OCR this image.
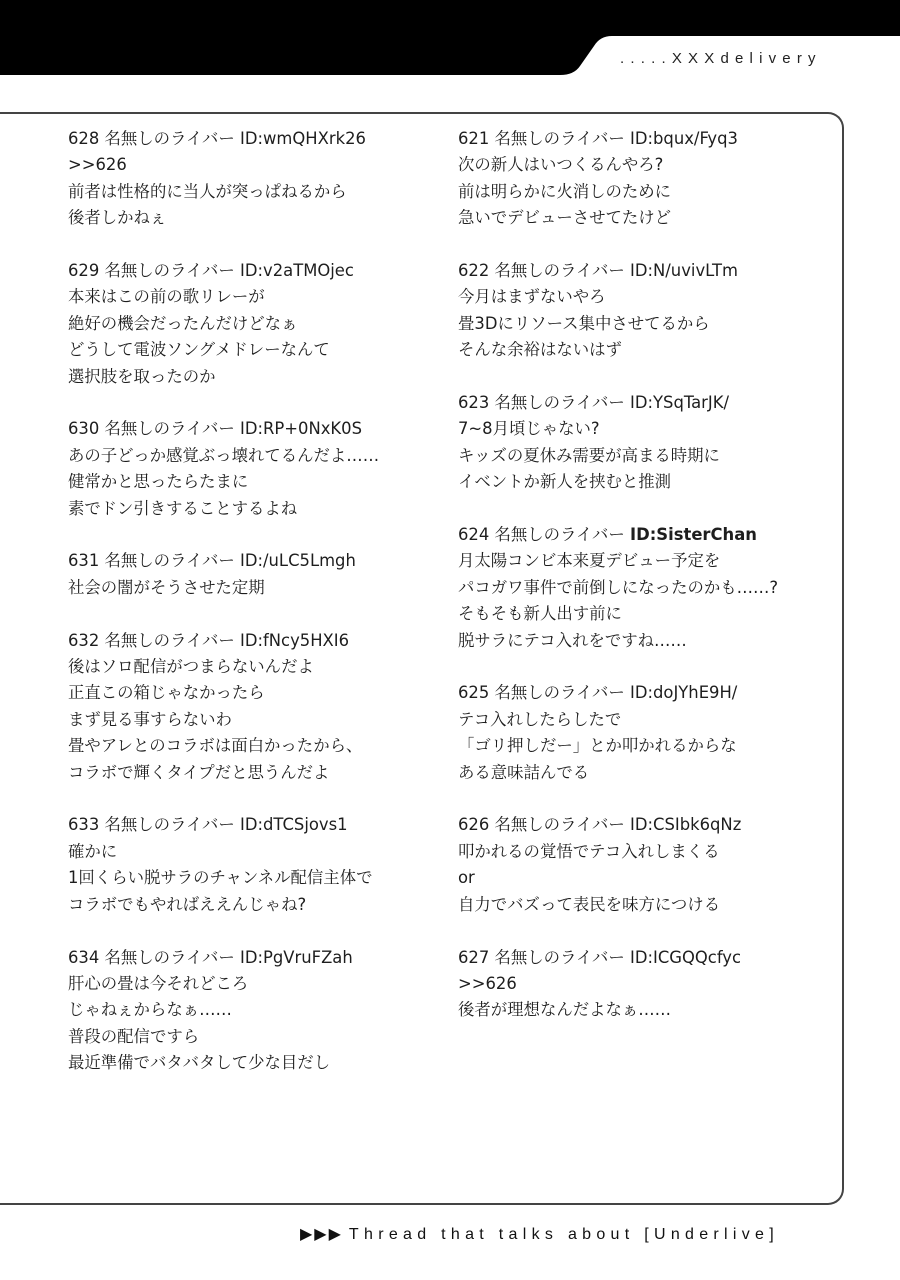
.....XXXdelivery
628 名無しのライバー ID:wmQHXrk26
>>626
前者は性格的に当人が突っぱねるから
後者しかねぇ
629 名無しのライバー ID:v2aTMOjec
本来はこの前の歌リレーが
絶好の機会だったんだけどなぁ
どうして電波ソングメドレーなんて
選択肢を取ったのか
630 名無しのライバー ID:RP+0NxK0S
あの子どっか感覚ぶっ壊れてるんだよ……
健常かと思ったらたまに
素でドン引きすることするよね
631 名無しのライバー ID:/uLC5Lmgh
社会の闇がそうさせた定期
632 名無しのライバー ID:fNcy5HXI6
後はソロ配信がつまらないんだよ
正直この箱じゃなかったら
まず見る事すらないわ
畳やアレとのコラボは面白かったから、
コラボで輝くタイプだと思うんだよ
633 名無しのライバー ID:dTCSjovs1
確かに
1回くらい脱サラのチャンネル配信主体で
コラボでもやればええんじゃね?
634 名無しのライバー ID:PgVruFZah
肝心の畳は今それどころ
じゃねぇからなぁ……
普段の配信ですら
最近準備でバタバタして少な目だし
621 名無しのライバー ID:bqux/Fyq3
次の新人はいつくるんやろ?
前は明らかに火消しのために
急いでデビューさせてたけど
622 名無しのライバー ID:N/uvivLTm
今月はまずないやろ
畳3Dにリソース集中させてるから
そんな余裕はないはず
623 名無しのライバー ID:YSqTarJK/
7~8月頃じゃない?
キッズの夏休み需要が高まる時期に
イベントか新人を挟むと推測
624 名無しのライバー ID:SisterChan
月太陽コンビ本来夏デビュー予定を
パコガワ事件で前倒しになったのかも……?
そもそも新人出す前に
脱サラにテコ入れをですね……
625 名無しのライバー ID:doJYhE9H/
テコ入れしたらしたで
「ゴリ押しだー」とか叩かれるからな
ある意味詰んでる
626 名無しのライバー ID:CSIbk6qNz
叩かれるの覚悟でテコ入れしまくる
or
自力でバズって表民を味方につける
627 名無しのライバー ID:ICGQQcfyc
>>626
後者が理想なんだよなぁ……
▶▶▶ Thread that talks about [Underlive]
